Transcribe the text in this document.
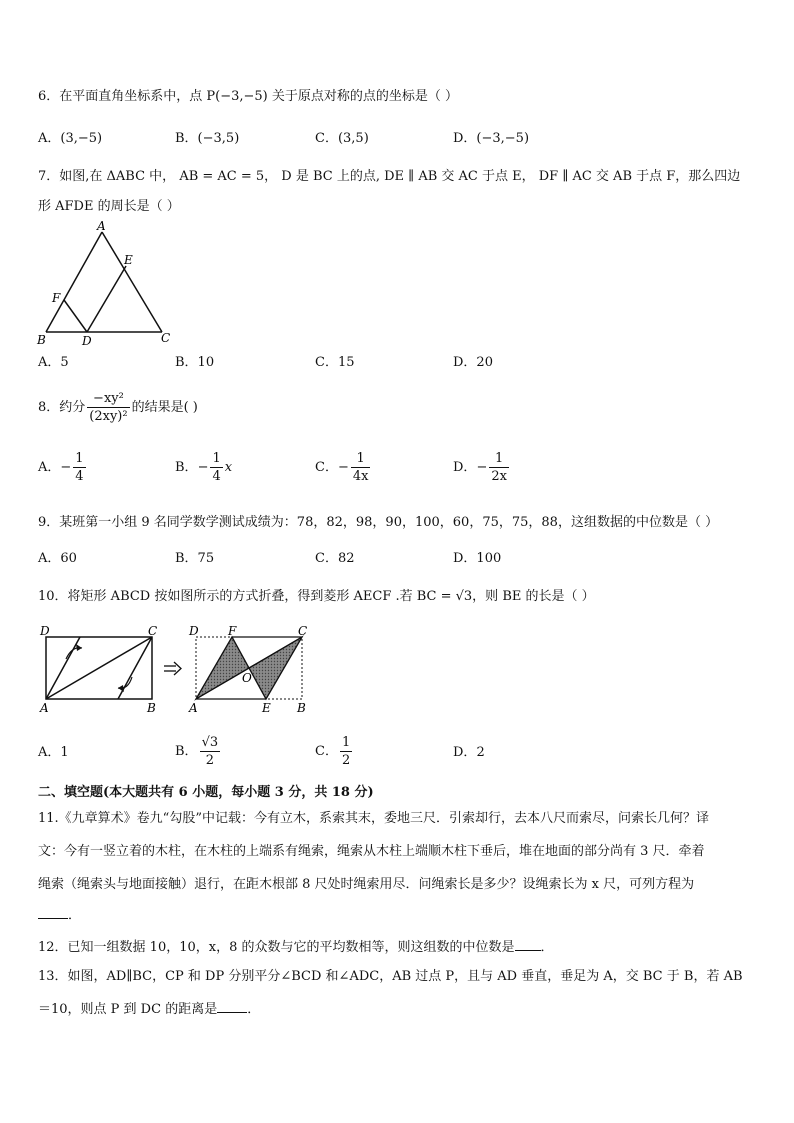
6．在平面直角坐标系中，点 P(−3,−5) 关于原点对称的点的坐标是（ ）
A．(3,−5)	B．(−3,5)	C．(3,5)	D．(−3,−5)
7．如图,在 ΔABC 中， AB = AC = 5， D 是 BC 上的点, DE ∥ AB 交 AC 于点 E， DF ∥ AC 交 AB 于点 F，那么四边
形 AFDE 的周长是（ ）
A
E
F
B	D	C
A．5	B．10	C．15	D．20
8．约分 $\frac{\text{−xy²}}{\text{(2xy)²}}$ 的结果是( )
A．− $\frac{1}{4}$	B．− $\frac{1}{4}$ x	C．− $\frac{1}{4x}$	D．− $\frac{1}{2x}$
9．某班第一小组 9 名同学数学测试成绩为：78，82，98，90，100，60，75，75，88，这组数据的中位数是（ ）
A．60	B．75	C．82	D．100
10．将矩形 ABCD 按如图所示的方式折叠，得到菱形 AECF .若 BC = √3，则 BE 的长是（ ）
D	C
A	B
D F	C
O
A	E B
A．1	B． $\frac{√3}{2}$	C． $\frac{1}{2}$	D．2
二、填空题(本大题共有 6 小题，每小题 3 分，共 18 分)
11.《九章算术》卷九“勾股”中记载：今有立木，系索其末，委地三尺．引索却行，去本八尺而索尽，问索长几何？译
文：今有一竖立着的木柱，在木柱的上端系有绳索，绳索从木柱上端顺木柱下垂后，堆在地面的部分尚有 3 尺．牵着
绳索（绳索头与地面接触）退行，在距木根部 8 尺处时绳索用尽．问绳索长是多少？设绳索长为 x 尺，可列方程为
．
12．已知一组数据 10，10，x，8 的众数与它的平均数相等，则这组数的中位数是 ．
13．如图，AD∥BC，CP 和 DP 分别平分∠BCD 和∠ADC，AB 过点 P，且与 AD 垂直，垂足为 A，交 BC 于 B，若 AB
＝10，则点 P 到 DC 的距离是 ．
